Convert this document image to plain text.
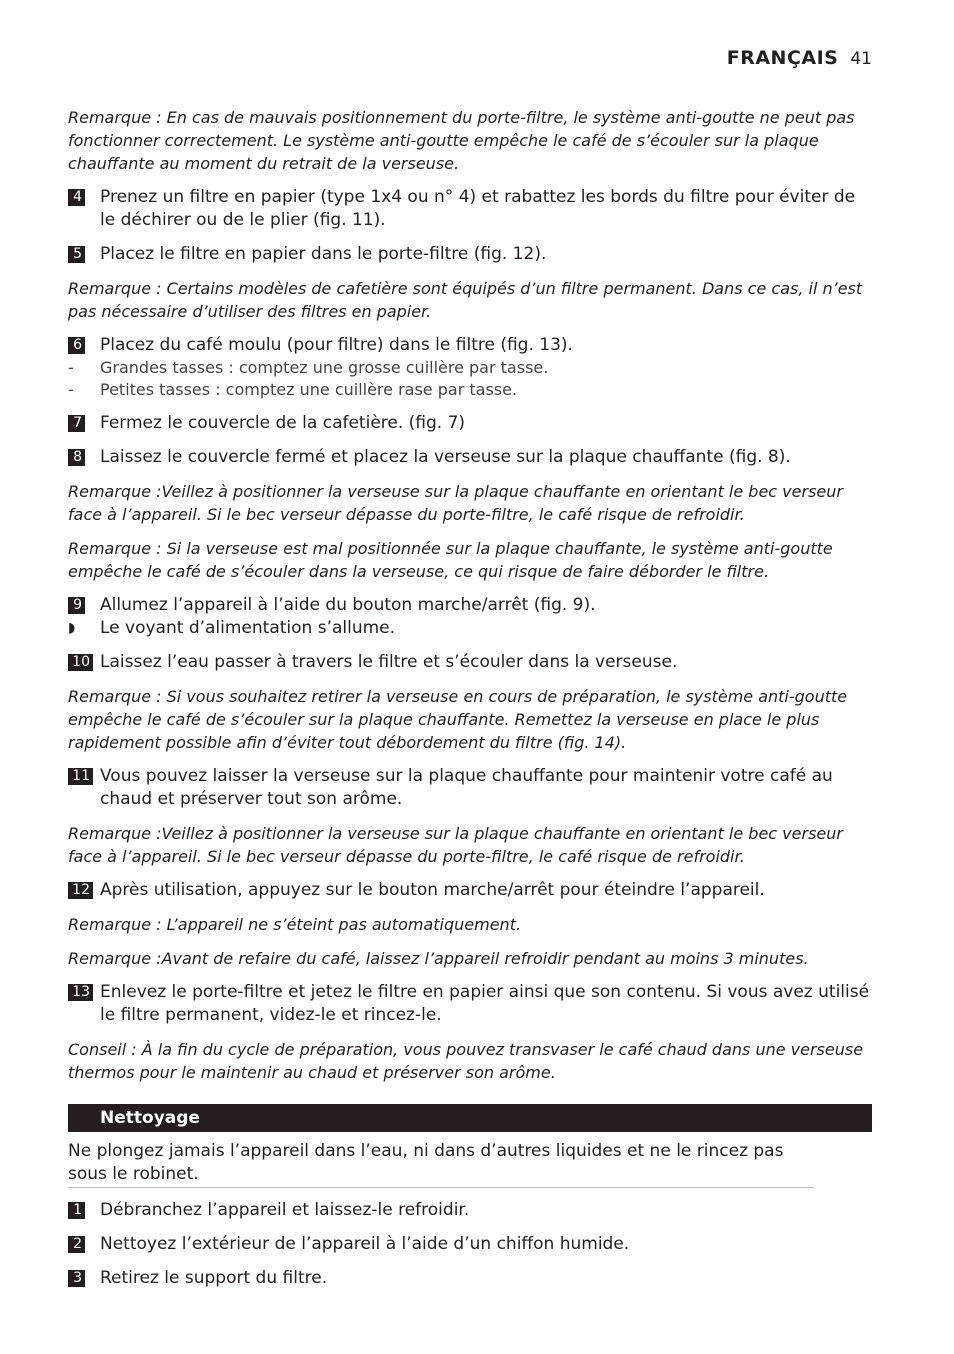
FRANÇAIS 41

Remarque : En cas de mauvais positionnement du porte-filtre, le système anti-goutte ne peut pas fonctionner correctement. Le système anti-goutte empêche le café de s’écouler sur la plaque chauffante au moment du retrait de la verseuse.

4 Prenez un filtre en papier (type 1x4 ou n° 4) et rabattez les bords du filtre pour éviter de le déchirer ou de le plier (fig. 11).
5 Placez le filtre en papier dans le porte-filtre (fig. 12).

Remarque : Certains modèles de cafetière sont équipés d’un filtre permanent. Dans ce cas, il n’est pas nécessaire d’utiliser des filtres en papier.

6 Placez du café moulu (pour filtre) dans le filtre (fig. 13).
- Grandes tasses : comptez une grosse cuillère par tasse.
- Petites tasses : comptez une cuillère rase par tasse.
7 Fermez le couvercle de la cafetière. (fig. 7)
8 Laissez le couvercle fermé et placez la verseuse sur la plaque chauffante (fig. 8).

Remarque :Veillez à positionner la verseuse sur la plaque chauffante en orientant le bec verseur face à l’appareil. Si le bec verseur dépasse du porte-filtre, le café risque de refroidir.

Remarque : Si la verseuse est mal positionnée sur la plaque chauffante, le système anti-goutte empêche le café de s’écouler dans la verseuse, ce qui risque de faire déborder le filtre.

9 Allumez l’appareil à l’aide du bouton marche/arrêt (fig. 9).
◗ Le voyant d’alimentation s’allume.
10 Laissez l’eau passer à travers le filtre et s’écouler dans la verseuse.

Remarque : Si vous souhaitez retirer la verseuse en cours de préparation, le système anti-goutte empêche le café de s’écouler sur la plaque chauffante. Remettez la verseuse en place le plus rapidement possible afin d’éviter tout débordement du filtre (fig. 14).

11 Vous pouvez laisser la verseuse sur la plaque chauffante pour maintenir votre café au chaud et préserver tout son arôme.

Remarque :Veillez à positionner la verseuse sur la plaque chauffante en orientant le bec verseur face à l’appareil. Si le bec verseur dépasse du porte-filtre, le café risque de refroidir.

12 Après utilisation, appuyez sur le bouton marche/arrêt pour éteindre l’appareil.

Remarque : L’appareil ne s’éteint pas automatiquement.

Remarque :Avant de refaire du café, laissez l’appareil refroidir pendant au moins 3 minutes.

13 Enlevez le porte-filtre et jetez le filtre en papier ainsi que son contenu. Si vous avez utilisé le filtre permanent, videz-le et rincez-le.

Conseil : À la fin du cycle de préparation, vous pouvez transvaser le café chaud dans une verseuse thermos pour le maintenir au chaud et préserver son arôme.

Nettoyage

Ne plongez jamais l’appareil dans l’eau, ni dans d’autres liquides et ne le rincez pas sous le robinet.

1 Débranchez l’appareil et laissez-le refroidir.
2 Nettoyez l’extérieur de l’appareil à l’aide d’un chiffon humide.
3 Retirez le support du filtre.
